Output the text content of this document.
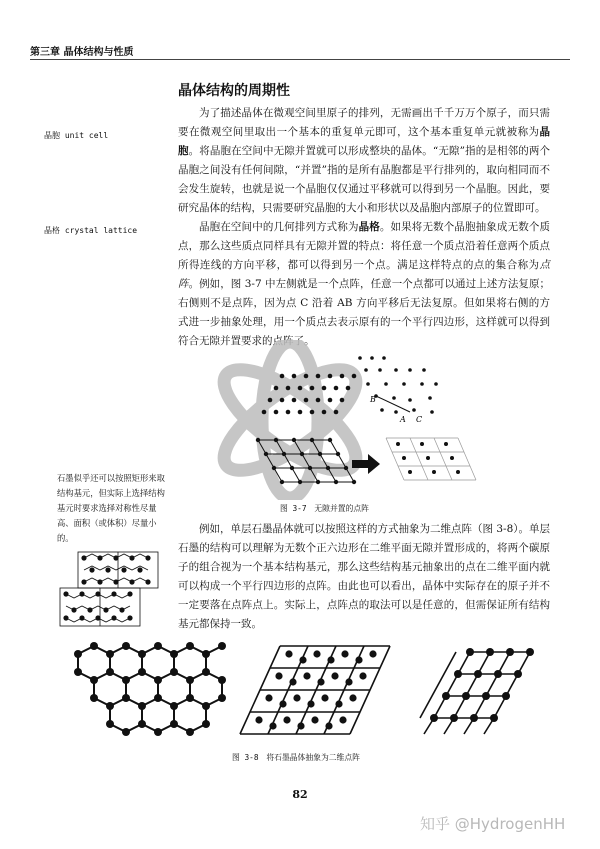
第三章 晶体结构与性质
晶体结构的周期性
晶胞 unit cell
晶格 crystal lattice
为了描述晶体在微观空间里原子的排列，无需画出千千万万个原子，而只需要在微观空间里取出一个基本的重复单元即可，这个基本重复单元就被称为晶胞。将晶胞在空间中无隙并置就可以形成整块的晶体。“无隙”指的是相邻的两个晶胞之间没有任何间隙，“并置”指的是所有晶胞都是平行排列的，取向相同而不会发生旋转，也就是说一个晶胞仅仅通过平移就可以得到另一个晶胞。因此，要研究晶体的结构，只需要研究晶胞的大小和形状以及晶胞内部原子的位置即可。
晶胞在空间中的几何排列方式称为晶格。如果将无数个晶胞抽象成无数个质点，那么这些质点同样具有无隙并置的特点：将任意一个质点沿着任意两个质点所得连线的方向平移，都可以得到另一个点。满足这样特点的点的集合称为点阵。例如，图 3-7 中左侧就是一个点阵，任意一个点都可以通过上述方法复原；右侧则不是点阵，因为点 C 沿着 AB 方向平移后无法复原。但如果将右侧的方式进一步抽象处理，用一个质点去表示原有的一个平行四边形，这样就可以得到符合无隙并置要求的点阵了。
B
A C
图 3-7　无隙并置的点阵
石墨似乎还可以按照矩形来取结构基元，但实际上选择结构基元时要求选择对称性尽量高、面积（或体积）尽量小的。
例如，单层石墨晶体就可以按照这样的方式抽象为二维点阵（图 3-8）。单层石墨的结构可以理解为无数个正六边形在二维平面无隙并置形成的，将两个碳原子的组合视为一个基本结构基元，那么这些结构基元抽象出的点在二维平面内就可以构成一个平行四边形的点阵。由此也可以看出，晶体中实际存在的原子并不一定要落在点阵点上。实际上，点阵点的取法可以是任意的，但需保证所有结构基元都保持一致。
图 3-8　将石墨晶体抽象为二维点阵
82
知乎 @HydrogenHH
